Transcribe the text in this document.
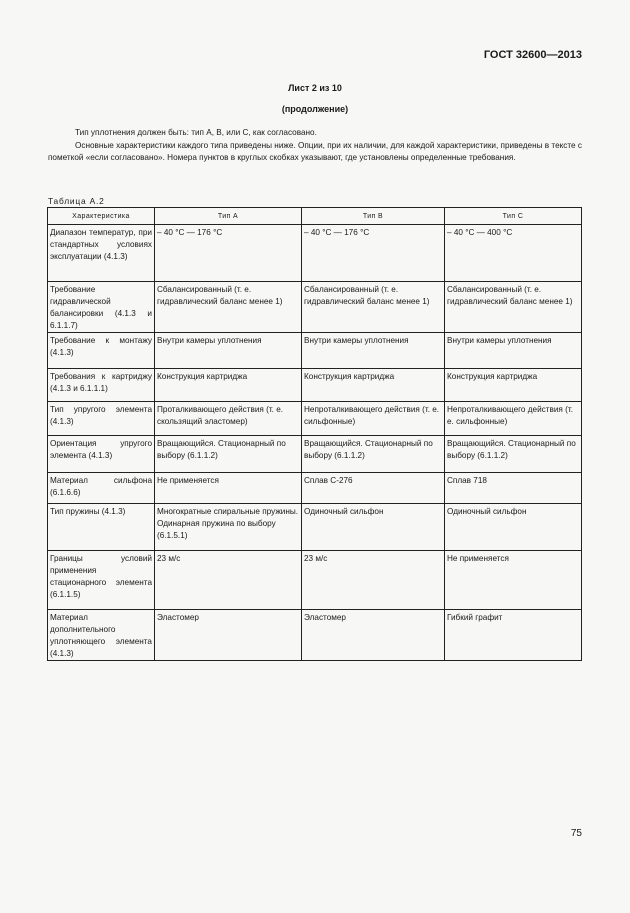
ГОСТ 32600—2013
Лист 2 из 10
(продолжение)

Тип уплотнения должен быть: тип А, В, или С, как согласовано.

Основные характеристики каждого типа приведены ниже. Опции, при их наличии, для каждой характеристики, приведены в тексте с пометкой «если согласовано». Номера пунктов в круглых скобках указывают, где установлены определенные требования.

Таблица А.2
Характеристика	Тип А	Тип В	Тип С
Диапазон температур, при стандартных условиях эксплуатации (4.1.3)	– 40 °С — 176 °С	– 40 °С — 176 °С	– 40 °С — 400 °С
Требование гидравлической балансировки (4.1.3 и 6.1.1.7)	Сбалансированный (т. е. гидравлический баланс менее 1)	Сбалансированный (т. е. гидравлический баланс менее 1)	Сбалансированный (т. е. гидравлический баланс менее 1)
Требование к монтажу (4.1.3)	Внутри камеры уплотнения	Внутри камеры уплотнения	Внутри камеры уплотнения
Требования к картриджу (4.1.3 и 6.1.1.1)	Конструкция картриджа	Конструкция картриджа	Конструкция картриджа
Тип упругого элемента (4.1.3)	Проталкивающего действия (т. е. скользящий эластомер)	Непроталкивающего действия (т. е. сильфонные)	Непроталкивающего действия (т. е. сильфонные)
Ориентация упругого элемента (4.1.3)	Вращающийся. Стационарный по выбору (6.1.1.2)	Вращающийся. Стационарный по выбору (6.1.1.2)	Вращающийся. Стационарный по выбору (6.1.1.2)
Материал сильфона (6.1.6.6)	Не применяется	Сплав С-276	Сплав 718
Тип пружины (4.1.3)	Многократные спиральные пружины. Одинарная пружина по выбору (6.1.5.1)	Одиночный сильфон	Одиночный сильфон
Границы условий применения стационарного элемента (6.1.1.5)	23 м/с	23 м/с	Не применяется
Материал дополнительного уплотняющего элемента (4.1.3)	Эластомер	Эластомер	Гибкий графит
75
